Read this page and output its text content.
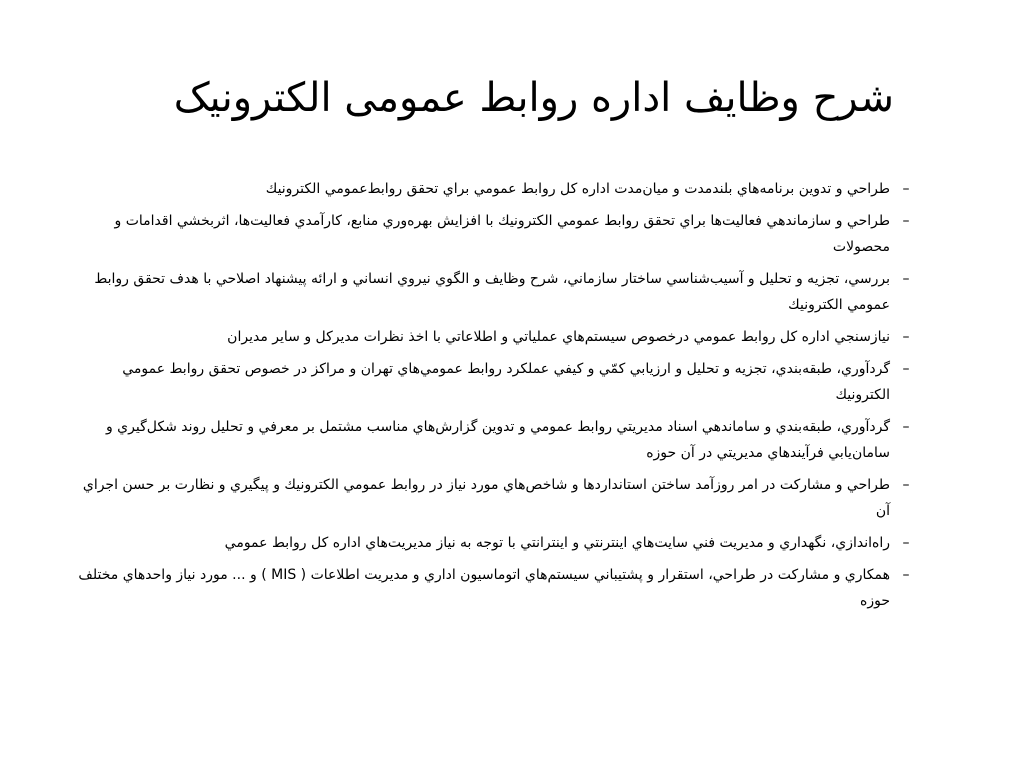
شرح وظایف اداره روابط عمومی الکترونیک
–
طراحي و تدوين برنامه‌هاي بلندمدت و ميان‌مدت اداره كل روابط عمومي براي تحقق روابط‌عمومي الكترونيك
–
طراحي و سازماندهي فعاليت‌ها براي تحقق روابط عمومي الكترونيك با افزايش بهره‌وري منابع، كارآمدي فعاليت‌ها، اثربخشي اقدامات و محصولات
–
بررسي، تجزيه و تحليل و آسيب‌شناسي ساختار سازماني، شرح وظايف و الگوي نيروي انساني و ارائه پيشنهاد اصلاحي با هدف تحقق روابط عمومي الكترونيك
–
نيازسنجي اداره كل روابط عمومي درخصوص سيستم‌هاي عملياتي و اطلاعاتي با اخذ نظرات مديركل و ساير مديران
–
گردآوري، طبقه‌بندي، تجزيه و تحليل و ارزيابي كمّي و كيفي عملكرد روابط عمومي‌هاي تهران و مراكز در خصوص تحقق روابط عمومي الكترونيك
–
گردآوري، طبقه‌بندي و ساماندهي اسناد مديريتي روابط عمومي و تدوين گزارش‌هاي مناسب مشتمل بر معرفي و تحليل روند شكل‌گيري و سامان‌يابي فرآيندهاي مديريتي در آن حوزه
–
طراحي و مشاركت در امر روزآمد ساختن استانداردها و شاخص‌هاي مورد نياز در روابط عمومي الكترونيك و پيگيري و نظارت بر حسن اجراي آن
–
راه‌اندازي، نگهداري و مديريت فني سايت‌هاي اينترنتي و اينترانتي با توجه به نياز مديريت‌هاي اداره كل روابط عمومي
–
همكاري و مشاركت در طراحي، استقرار و پشتيباني سيستم‌هاي اتوماسيون اداري و مديريت اطلاعات ( MIS ) و ... مورد نياز واحدهاي مختلف حوزه
